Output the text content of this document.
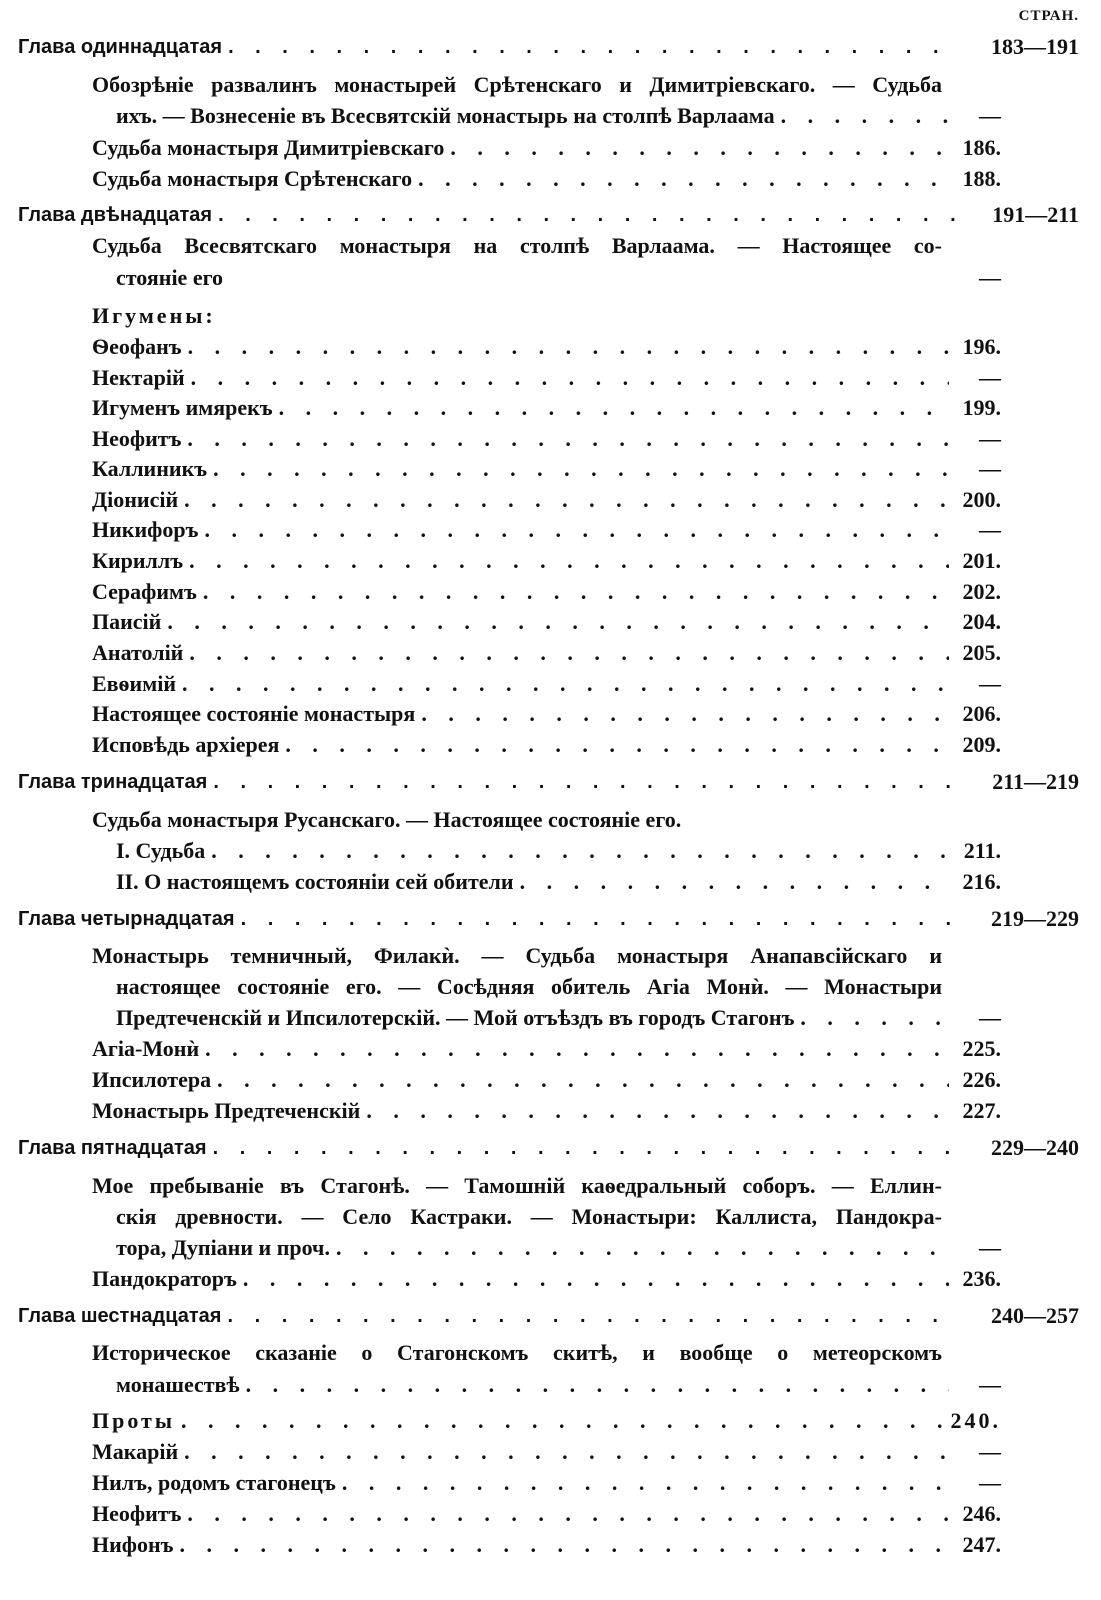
СТРАН.
Глава одиннадцатая . . .	183—191
Обозрѣніе развалинъ монастырей Срѣтенскаго и Димитріевскаго. — Судьба
ихъ. — Вознесеніе въ Всесвятскій монастырь на столпѣ Варлаама . . .	—
Судьба монастыря Димитріевскаго . . .	186.
Судьба монастыря Срѣтенскаго . . .	188.
Глава двѣнадцатая . . .	191—211
Судьба Всесвятскаго монастыря на столпѣ Варлаама. — Настоящее со-
стояніе его	—
Игумены:
Ѳеофанъ . . .	196.
Нектарій . . .	—
Игуменъ имярекъ . . .	199.
Неофитъ . . .	—
Каллиникъ . . .	—
Діонисій . . .	200.
Никифоръ . . .	—
Кириллъ . . .	201.
Серафимъ . . .	202.
Паисій . . .	204.
Анатолій . . .	205.
Евѳимій . . .	—
Настоящее состояніе монастыря . . .	206.
Исповѣдь архіерея . . .	209.
Глава тринадцатая . . .	211—219
Судьба монастыря Русанскаго. — Настоящее состояніе его.
I. Судьба . . .	211.
II. О настоящемъ состояніи сей обители . . .	216.
Глава четырнадцатая . . .	219—229
Монастырь темничный, Филакѝ. — Судьба монастыря Анапавсійскаго и
настоящее состояніе его. — Сосѣдняя обитель Агіа Монѝ. — Монастыри
Предтеченскій и Ипсилотерскій. — Мой отъѣздъ въ городъ Стагонъ . . .	—
Агіа-Монѝ . . .	225.
Ипсилотера . . .	226.
Монастырь Предтеченскій . . .	227.
Глава пятнадцатая . . .	229—240
Мое пребываніе въ Стагонѣ. — Тамошній каѳедральный соборъ. — Еллин-
скія древности. — Село Кастраки. — Монастыри: Каллиста, Пандокра-
тора, Дупіани и проч. . . .	—
Пандократоръ . . .	236.
Глава шестнадцатая . . .	240—257
Историческое сказаніе о Стагонскомъ скитѣ, и вообще о метеорскомъ
монашествѣ . . .	—
Проты . . .	240.
Макарій . . .	—
Нилъ, родомъ стагонецъ . . .	—
Неофитъ . . .	246.
Нифонъ . . .	247.
